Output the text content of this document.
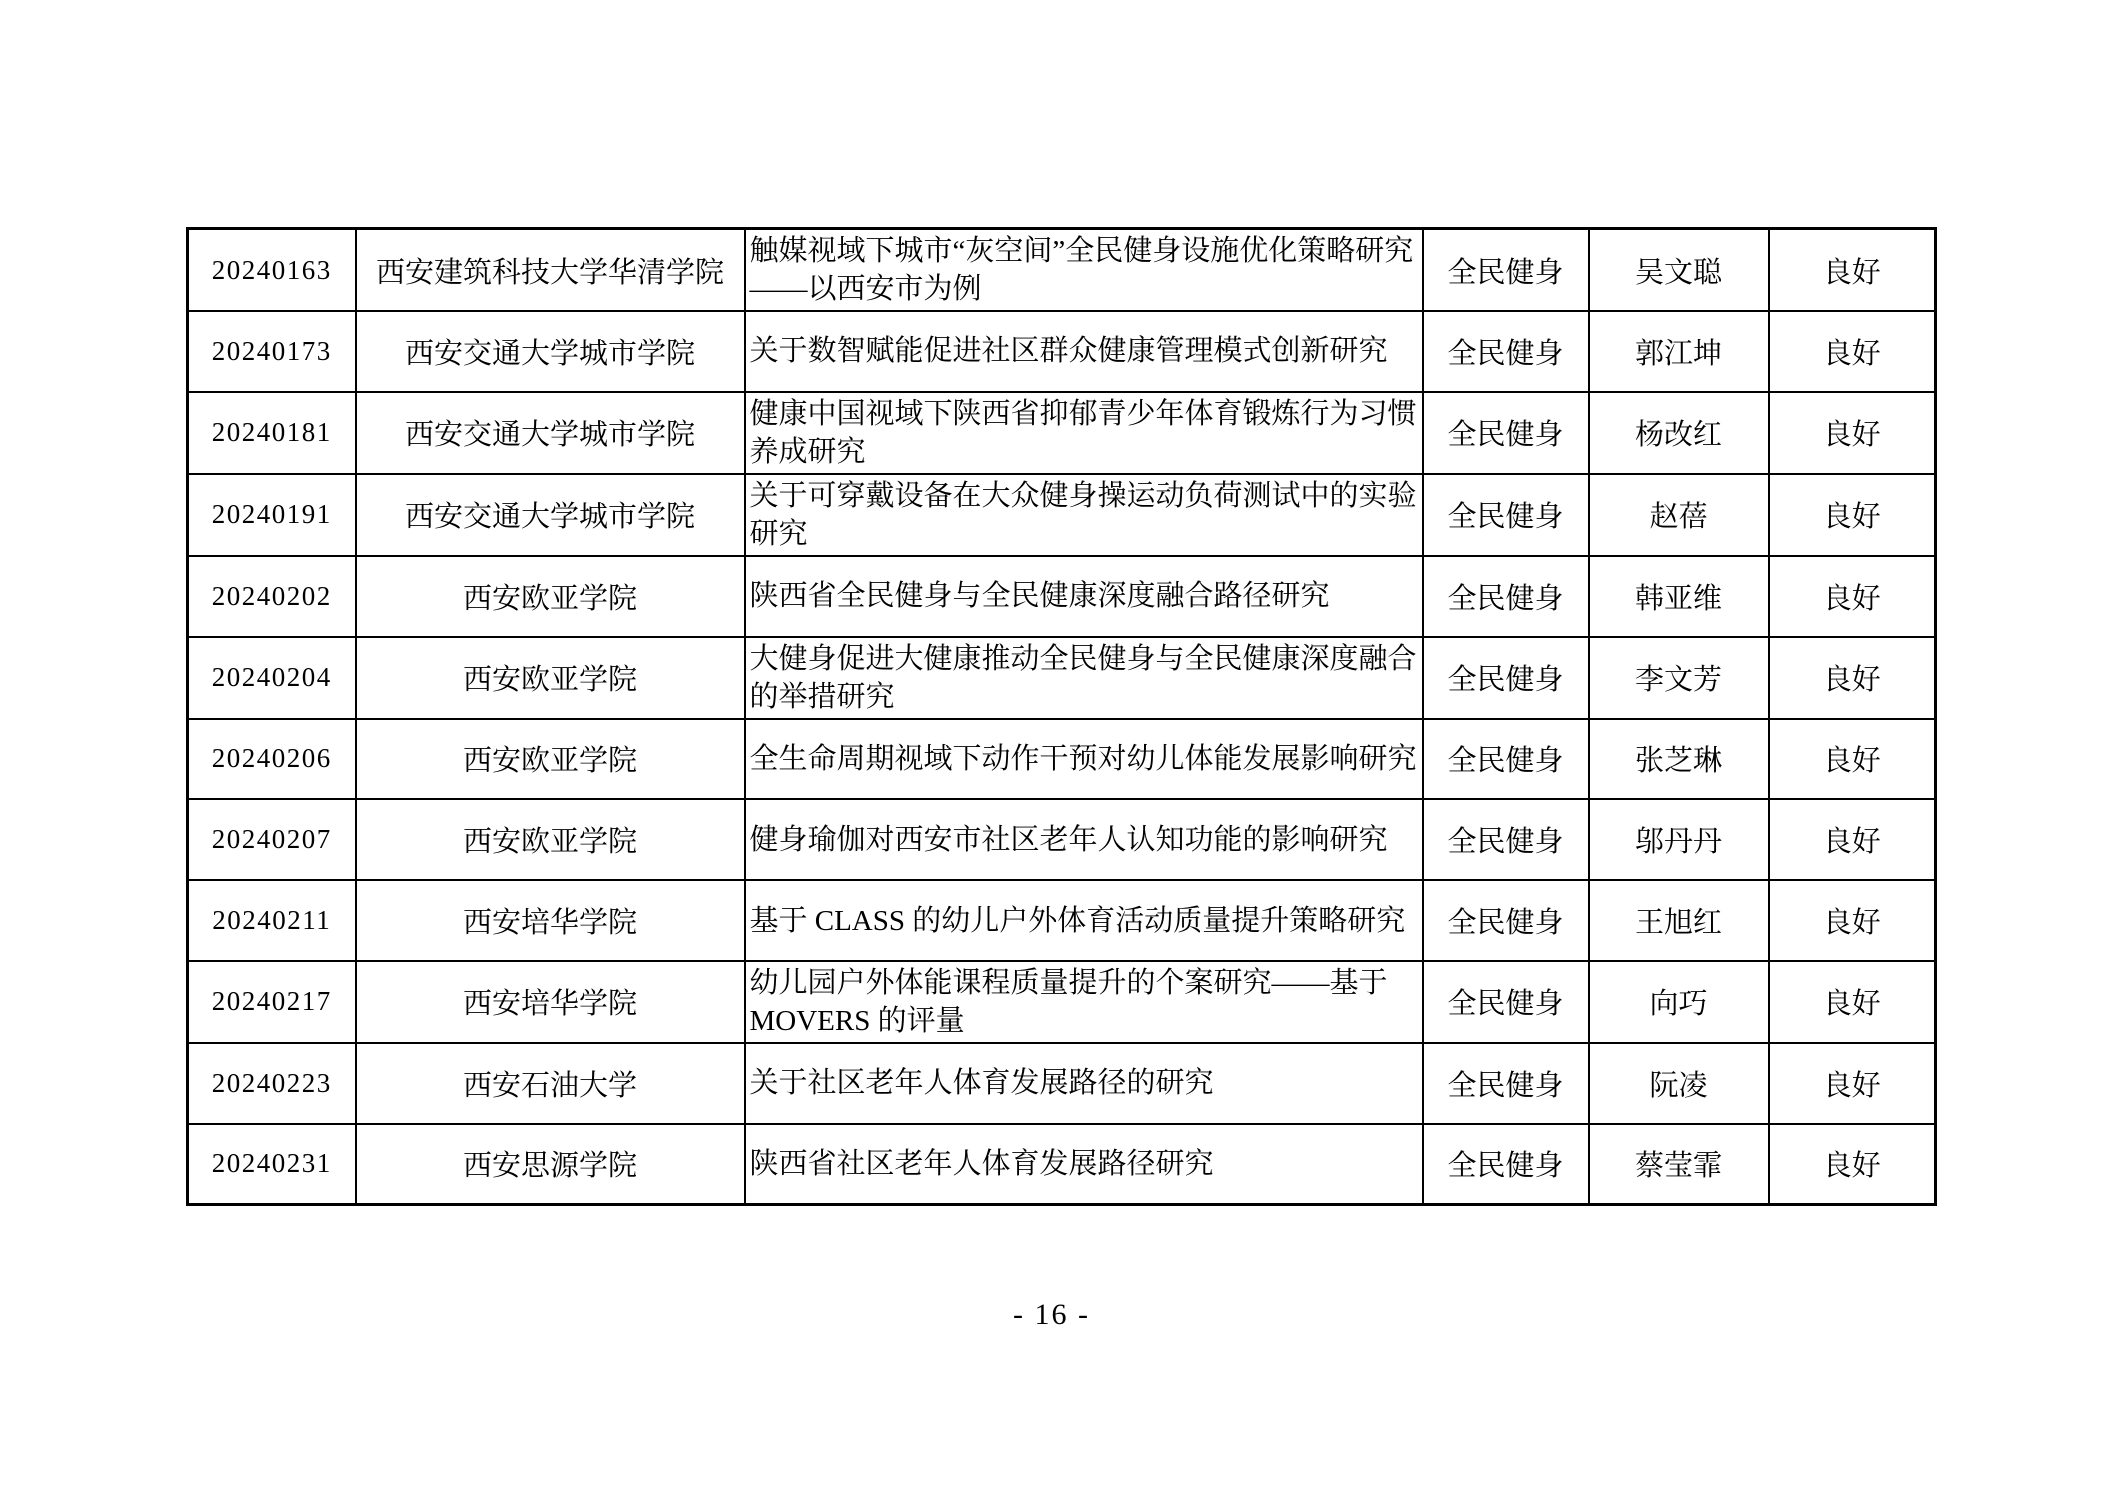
20240163	西安建筑科技大学华清学院	触媒视域下城市“灰空间”全民健身设施优化策略研究——以西安市为例	全民健身	吴文聪	良好
20240173	西安交通大学城市学院	关于数智赋能促进社区群众健康管理模式创新研究	全民健身	郭江坤	良好
20240181	西安交通大学城市学院	健康中国视域下陕西省抑郁青少年体育锻炼行为习惯养成研究	全民健身	杨改红	良好
20240191	西安交通大学城市学院	关于可穿戴设备在大众健身操运动负荷测试中的实验研究	全民健身	赵蓓	良好
20240202	西安欧亚学院	陕西省全民健身与全民健康深度融合路径研究	全民健身	韩亚维	良好
20240204	西安欧亚学院	大健身促进大健康推动全民健身与全民健康深度融合的举措研究	全民健身	李文芳	良好
20240206	西安欧亚学院	全生命周期视域下动作干预对幼儿体能发展影响研究	全民健身	张芝琳	良好
20240207	西安欧亚学院	健身瑜伽对西安市社区老年人认知功能的影响研究	全民健身	邬丹丹	良好
20240211	西安培华学院	基于 CLASS 的幼儿户外体育活动质量提升策略研究	全民健身	王旭红	良好
20240217	西安培华学院	幼儿园户外体能课程质量提升的个案研究——基于 MOVERS 的评量	全民健身	向巧	良好
20240223	西安石油大学	关于社区老年人体育发展路径的研究	全民健身	阮凌	良好
20240231	西安思源学院	陕西省社区老年人体育发展路径研究	全民健身	蔡莹霏	良好
- 16 -
